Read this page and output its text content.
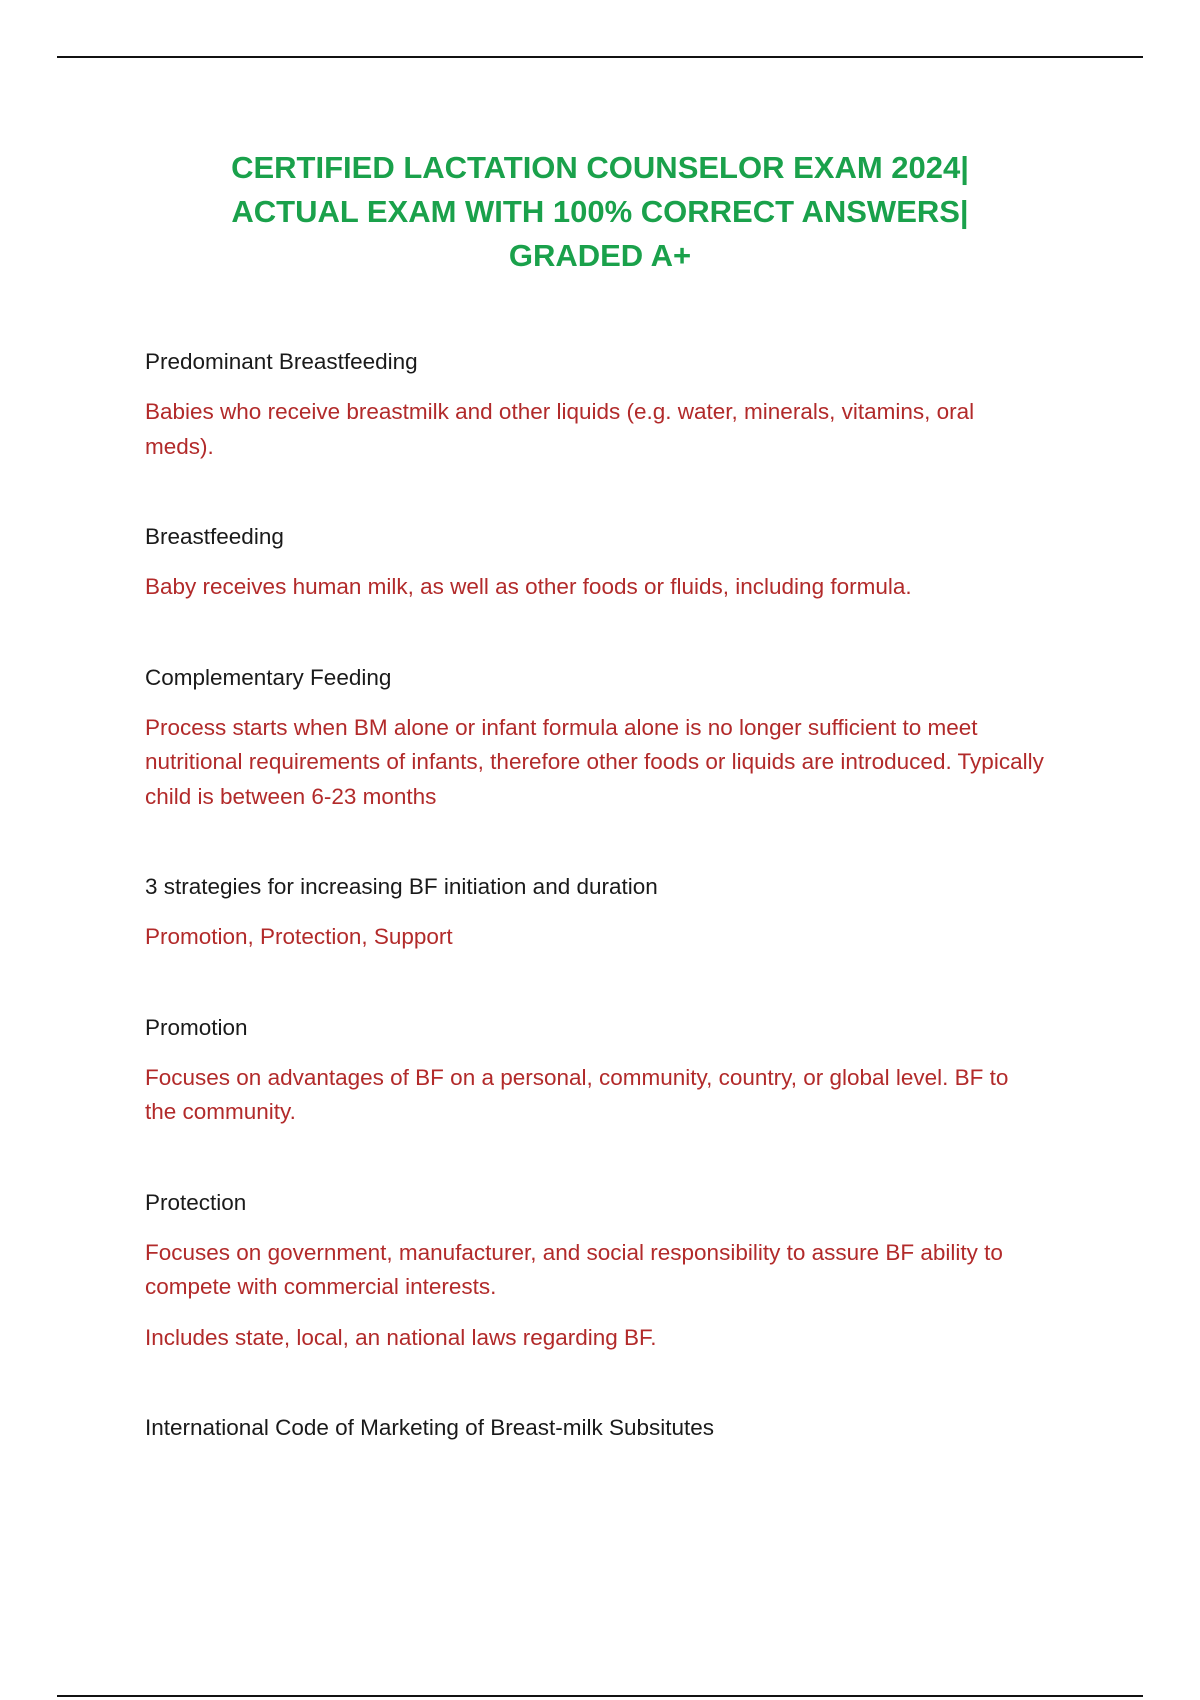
CERTIFIED LACTATION COUNSELOR EXAM 2024|
ACTUAL EXAM WITH 100% CORRECT ANSWERS|
GRADED A+
Predominant Breastfeeding
Babies who receive breastmilk and other liquids (e.g. water, minerals, vitamins, oral meds).
Breastfeeding
Baby receives human milk, as well as other foods or fluids, including formula.
Complementary Feeding
Process starts when BM alone or infant formula alone is no longer sufficient to meet nutritional requirements of infants, therefore other foods or liquids are introduced. Typically child is between 6-23 months
3 strategies for increasing BF initiation and duration
Promotion, Protection, Support
Promotion
Focuses on advantages of BF on a personal, community, country, or global level. BF to the community.
Protection
Focuses on government, manufacturer, and social responsibility to assure BF ability to compete with commercial interests.
Includes state, local, an national laws regarding BF.
International Code of Marketing of Breast-milk Subsitutes
